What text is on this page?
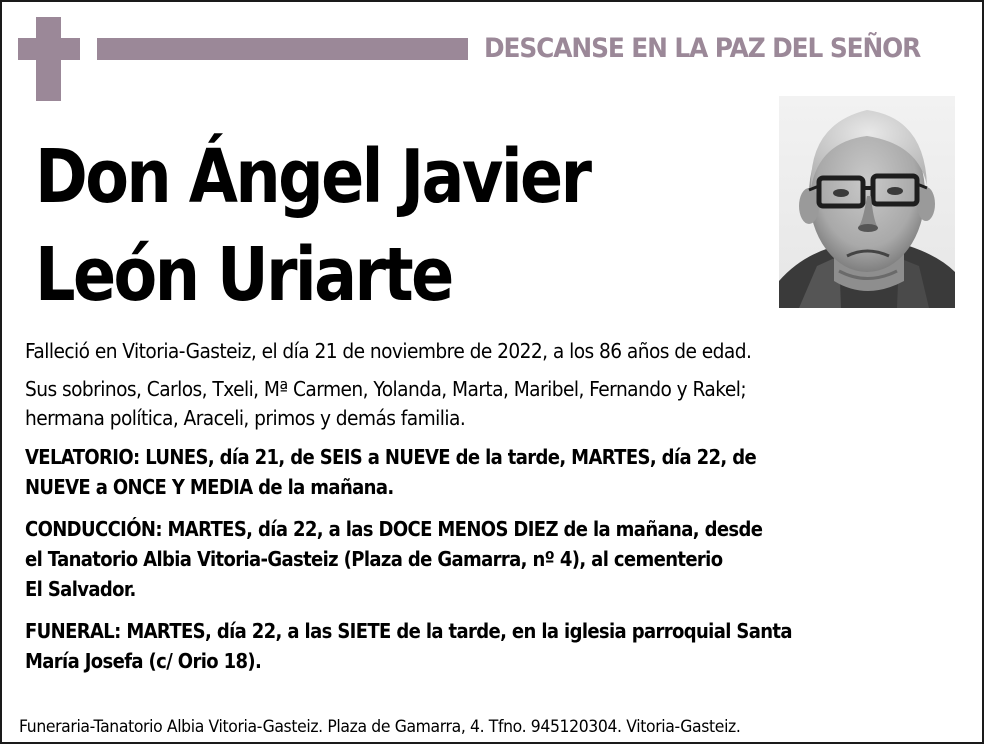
DESCANSE EN LA PAZ DEL SEÑOR
Don Ángel Javier
León Uriarte
Falleció en Vitoria-Gasteiz, el día 21 de noviembre de 2022, a los 86 años de edad.
Sus sobrinos, Carlos, Txeli, Mª Carmen, Yolanda, Marta, Maribel, Fernando y Rakel;
hermana política, Araceli, primos y demás familia.
VELATORIO: LUNES, día 21, de SEIS a NUEVE de la tarde, MARTES, día 22, de
NUEVE a ONCE Y MEDIA de la mañana.
CONDUCCIÓN: MARTES, día 22, a las DOCE MENOS DIEZ de la mañana, desde
el Tanatorio Albia Vitoria-Gasteiz (Plaza de Gamarra, nº 4), al cementerio
El Salvador.
FUNERAL: MARTES, día 22, a las SIETE de la tarde, en la iglesia parroquial Santa
María Josefa (c/ Orio 18).
Funeraria-Tanatorio Albia Vitoria-Gasteiz. Plaza de Gamarra, 4. Tfno. 945120304. Vitoria-Gasteiz.
